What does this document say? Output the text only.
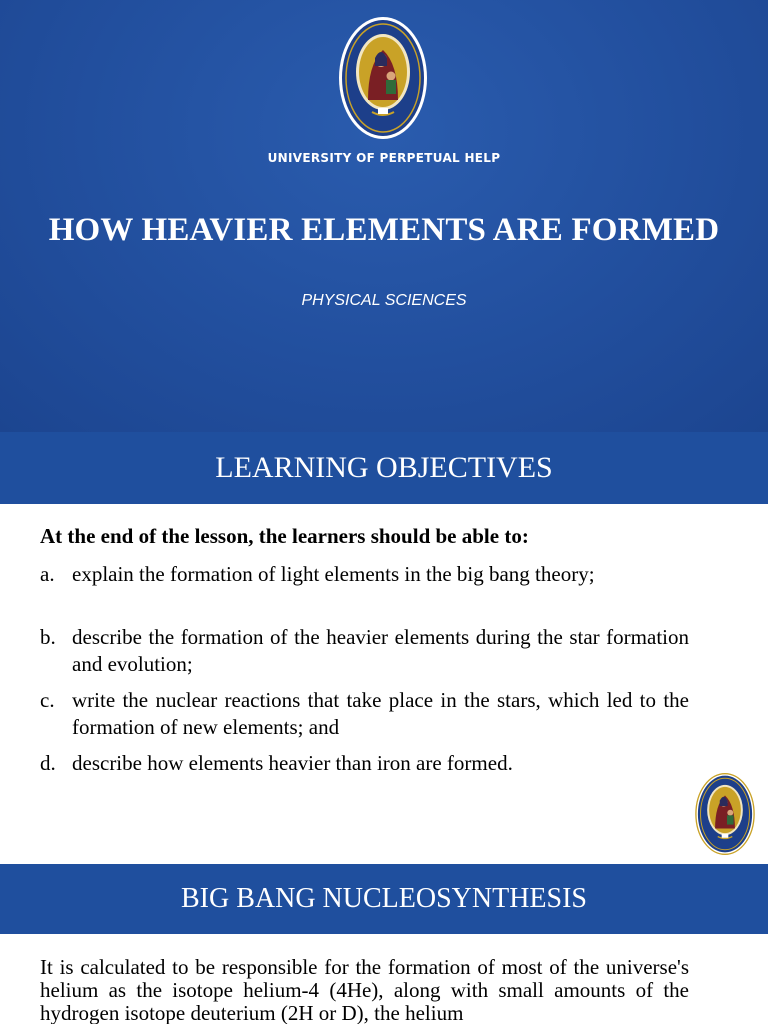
UNIVERSITY OF PERPETUAL HELP
HOW HEAVIER ELEMENTS ARE FORMED
PHYSICAL SCIENCES
LEARNING OBJECTIVES
At the end of the lesson, the learners should be able to:
a. explain the formation of light elements in the big bang theory;
b. describe the formation of the heavier elements during the star formation and evolution;
c. write the nuclear reactions that take place in the stars, which led to the formation of new elements; and
d. describe how elements heavier than iron are formed.
BIG BANG NUCLEOSYNTHESIS
It is calculated to be responsible for the formation of most of the universe's helium as the isotope helium-4 (4He), along with small amounts of the hydrogen isotope deuterium (2H or D), the helium
